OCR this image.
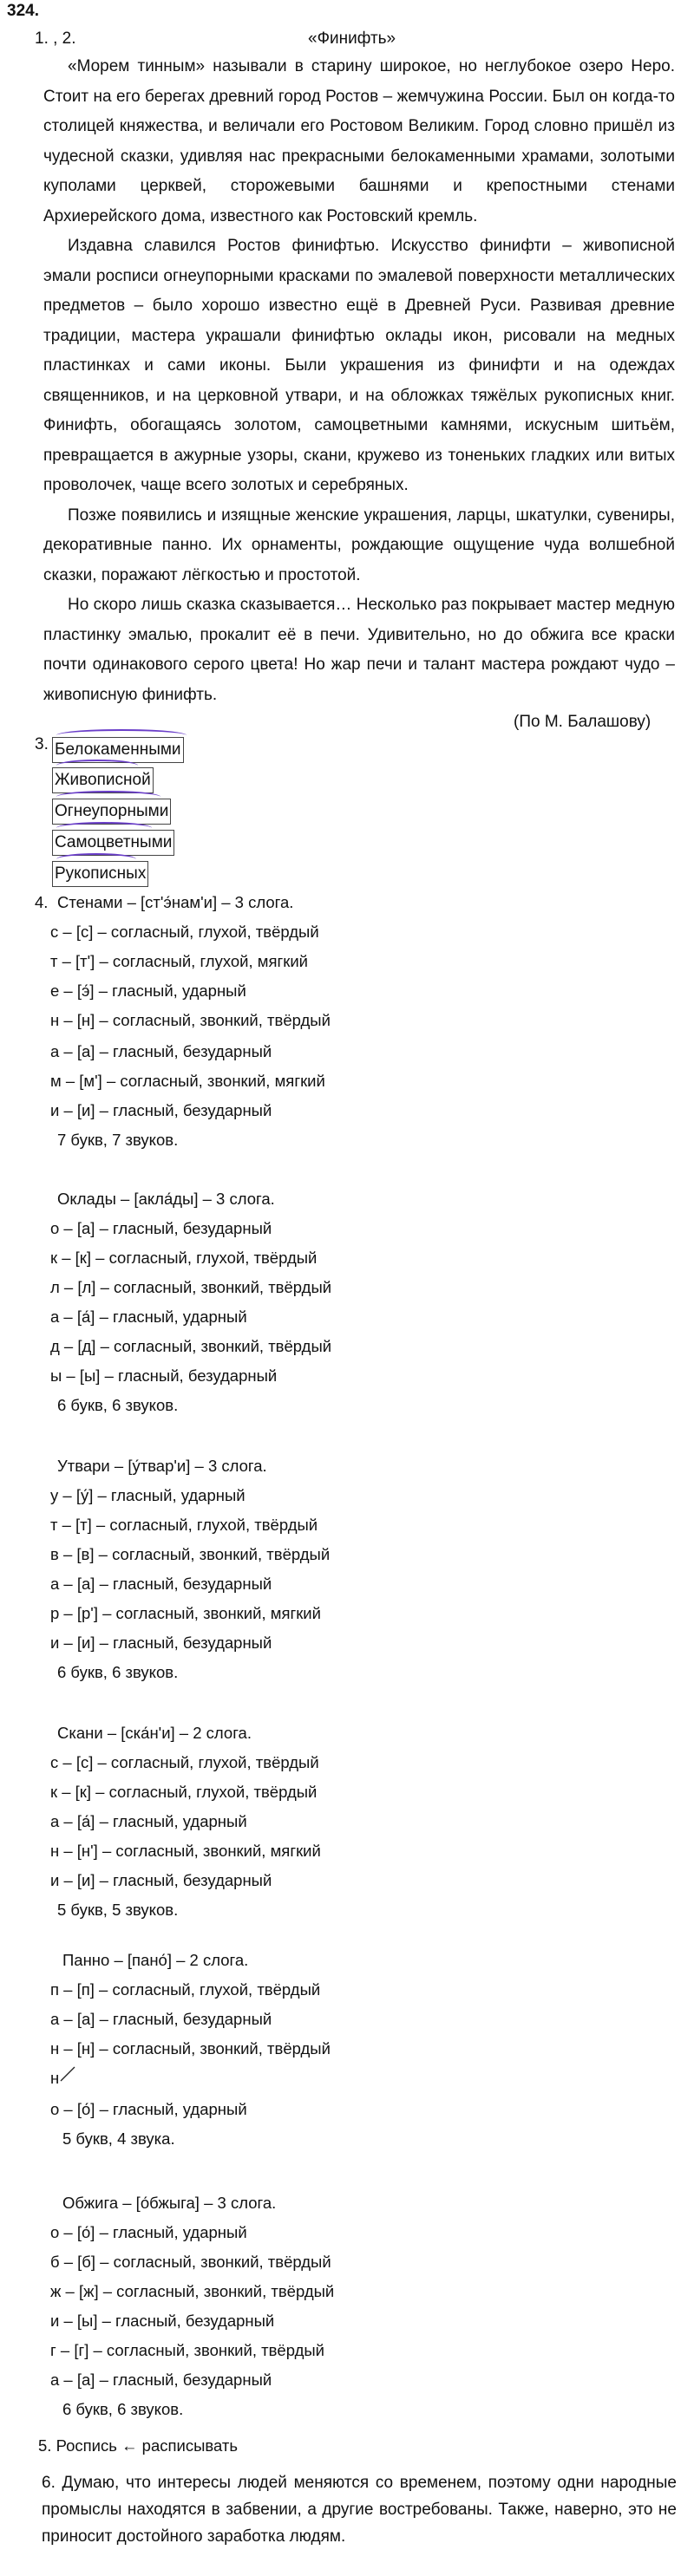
324.
1. , 2.	«Финифть»

«Морем тинным» называли в старину широкое, но неглубокое озеро Неро. Стоит на его берегах древний город Ростов – жемчужина России. Был он когда-то столицей княжества, и величали его Ростовом Великим. Город словно пришёл из чудесной сказки, удивляя нас прекрасными белокаменными храмами, золотыми куполами церквей, сторожевыми башнями и крепостными стенами Архиерейского дома, известного как Ростовский кремль.

Издавна славился Ростов финифтью. Искусство финифти – живописной эмали росписи огнеупорными красками по эмалевой поверхности металлических предметов – было хорошо известно ещё в Древней Руси. Развивая древние традиции, мастера украшали финифтью оклады икон, рисовали на медных пластинках и сами иконы. Были украшения из финифти и на одеждах священников, и на церковной утвари, и на обложках тяжёлых рукописных книг. Финифть, обогащаясь золотом, самоцветными камнями, искусным шитьём, превращается в ажурные узоры, скани, кружево из тоненьких гладких или витых проволочек, чаще всего золотых и серебряных.

Позже появились и изящные женские украшения, ларцы, шкатулки, сувениры, декоративные панно. Их орнаменты, рождающие ощущение чуда волшебной сказки, поражают лёгкостью и простотой.

Но скоро лишь сказка сказывается… Несколько раз покрывает мастер медную пластинку эмалью, прокалит её в печи. Удивительно, но до обжига все краски почти одинакового серого цвета! Но жар печи и талант мастера рождают чудо – живописную финифть.

(По М. Балашову)
3. Белокаменными
Живописной
Огнеупорными
Самоцветными
Рукописных
4. Стенами – [ст'э́нам'и] – 3 слога.
с – [с] – согласный, глухой, твёрдый
т – [т'] – согласный, глухой, мягкий
е – [э́] – гласный, ударный
н – [н] – согласный, звонкий, твёрдый
а – [а] – гласный, безударный
м – [м'] – согласный, звонкий, мягкий
и – [и] – гласный, безударный
7 букв, 7 звуков.
Оклады – [акла́ды] – 3 слога.
о – [а] – гласный, безударный
к – [к] – согласный, глухой, твёрдый
л – [л] – согласный, звонкий, твёрдый
а – [а́] – гласный, ударный
д – [д] – согласный, звонкий, твёрдый
ы – [ы] – гласный, безударный
6 букв, 6 звуков.
Утвари – [у́твар'и] – 3 слога.
у – [у́] – гласный, ударный
т – [т] – согласный, глухой, твёрдый
в – [в] – согласный, звонкий, твёрдый
а – [а] – гласный, безударный
р – [р'] – согласный, звонкий, мягкий
и – [и] – гласный, безударный
6 букв, 6 звуков.
Скани – [ска́н'и] – 2 слога.
с – [с] – согласный, глухой, твёрдый
к – [к] – согласный, глухой, твёрдый
а – [а́] – гласный, ударный
н – [н'] – согласный, звонкий, мягкий
и – [и] – гласный, безударный
5 букв, 5 звуков.
Панно – [пано́] – 2 слога.
п – [п] – согласный, глухой, твёрдый
а – [а] – гласный, безударный
н – [н] – согласный, звонкий, твёрдый
н
о – [о́] – гласный, ударный
5 букв, 4 звука.
Обжига – [о́бжыга] – 3 слога.
о – [о́] – гласный, ударный
б – [б] – согласный, звонкий, твёрдый
ж – [ж] – согласный, звонкий, твёрдый
и – [ы] – гласный, безударный
г – [г] – согласный, звонкий, твёрдый
а – [а] – гласный, безударный
6 букв, 6 звуков.
5. Роспись ← расписывать

6. Думаю, что интересы людей меняются со временем, поэтому одни народные промыслы находятся в забвении, а другие востребованы. Также, наверно, это не приносит достойного заработка людям.
